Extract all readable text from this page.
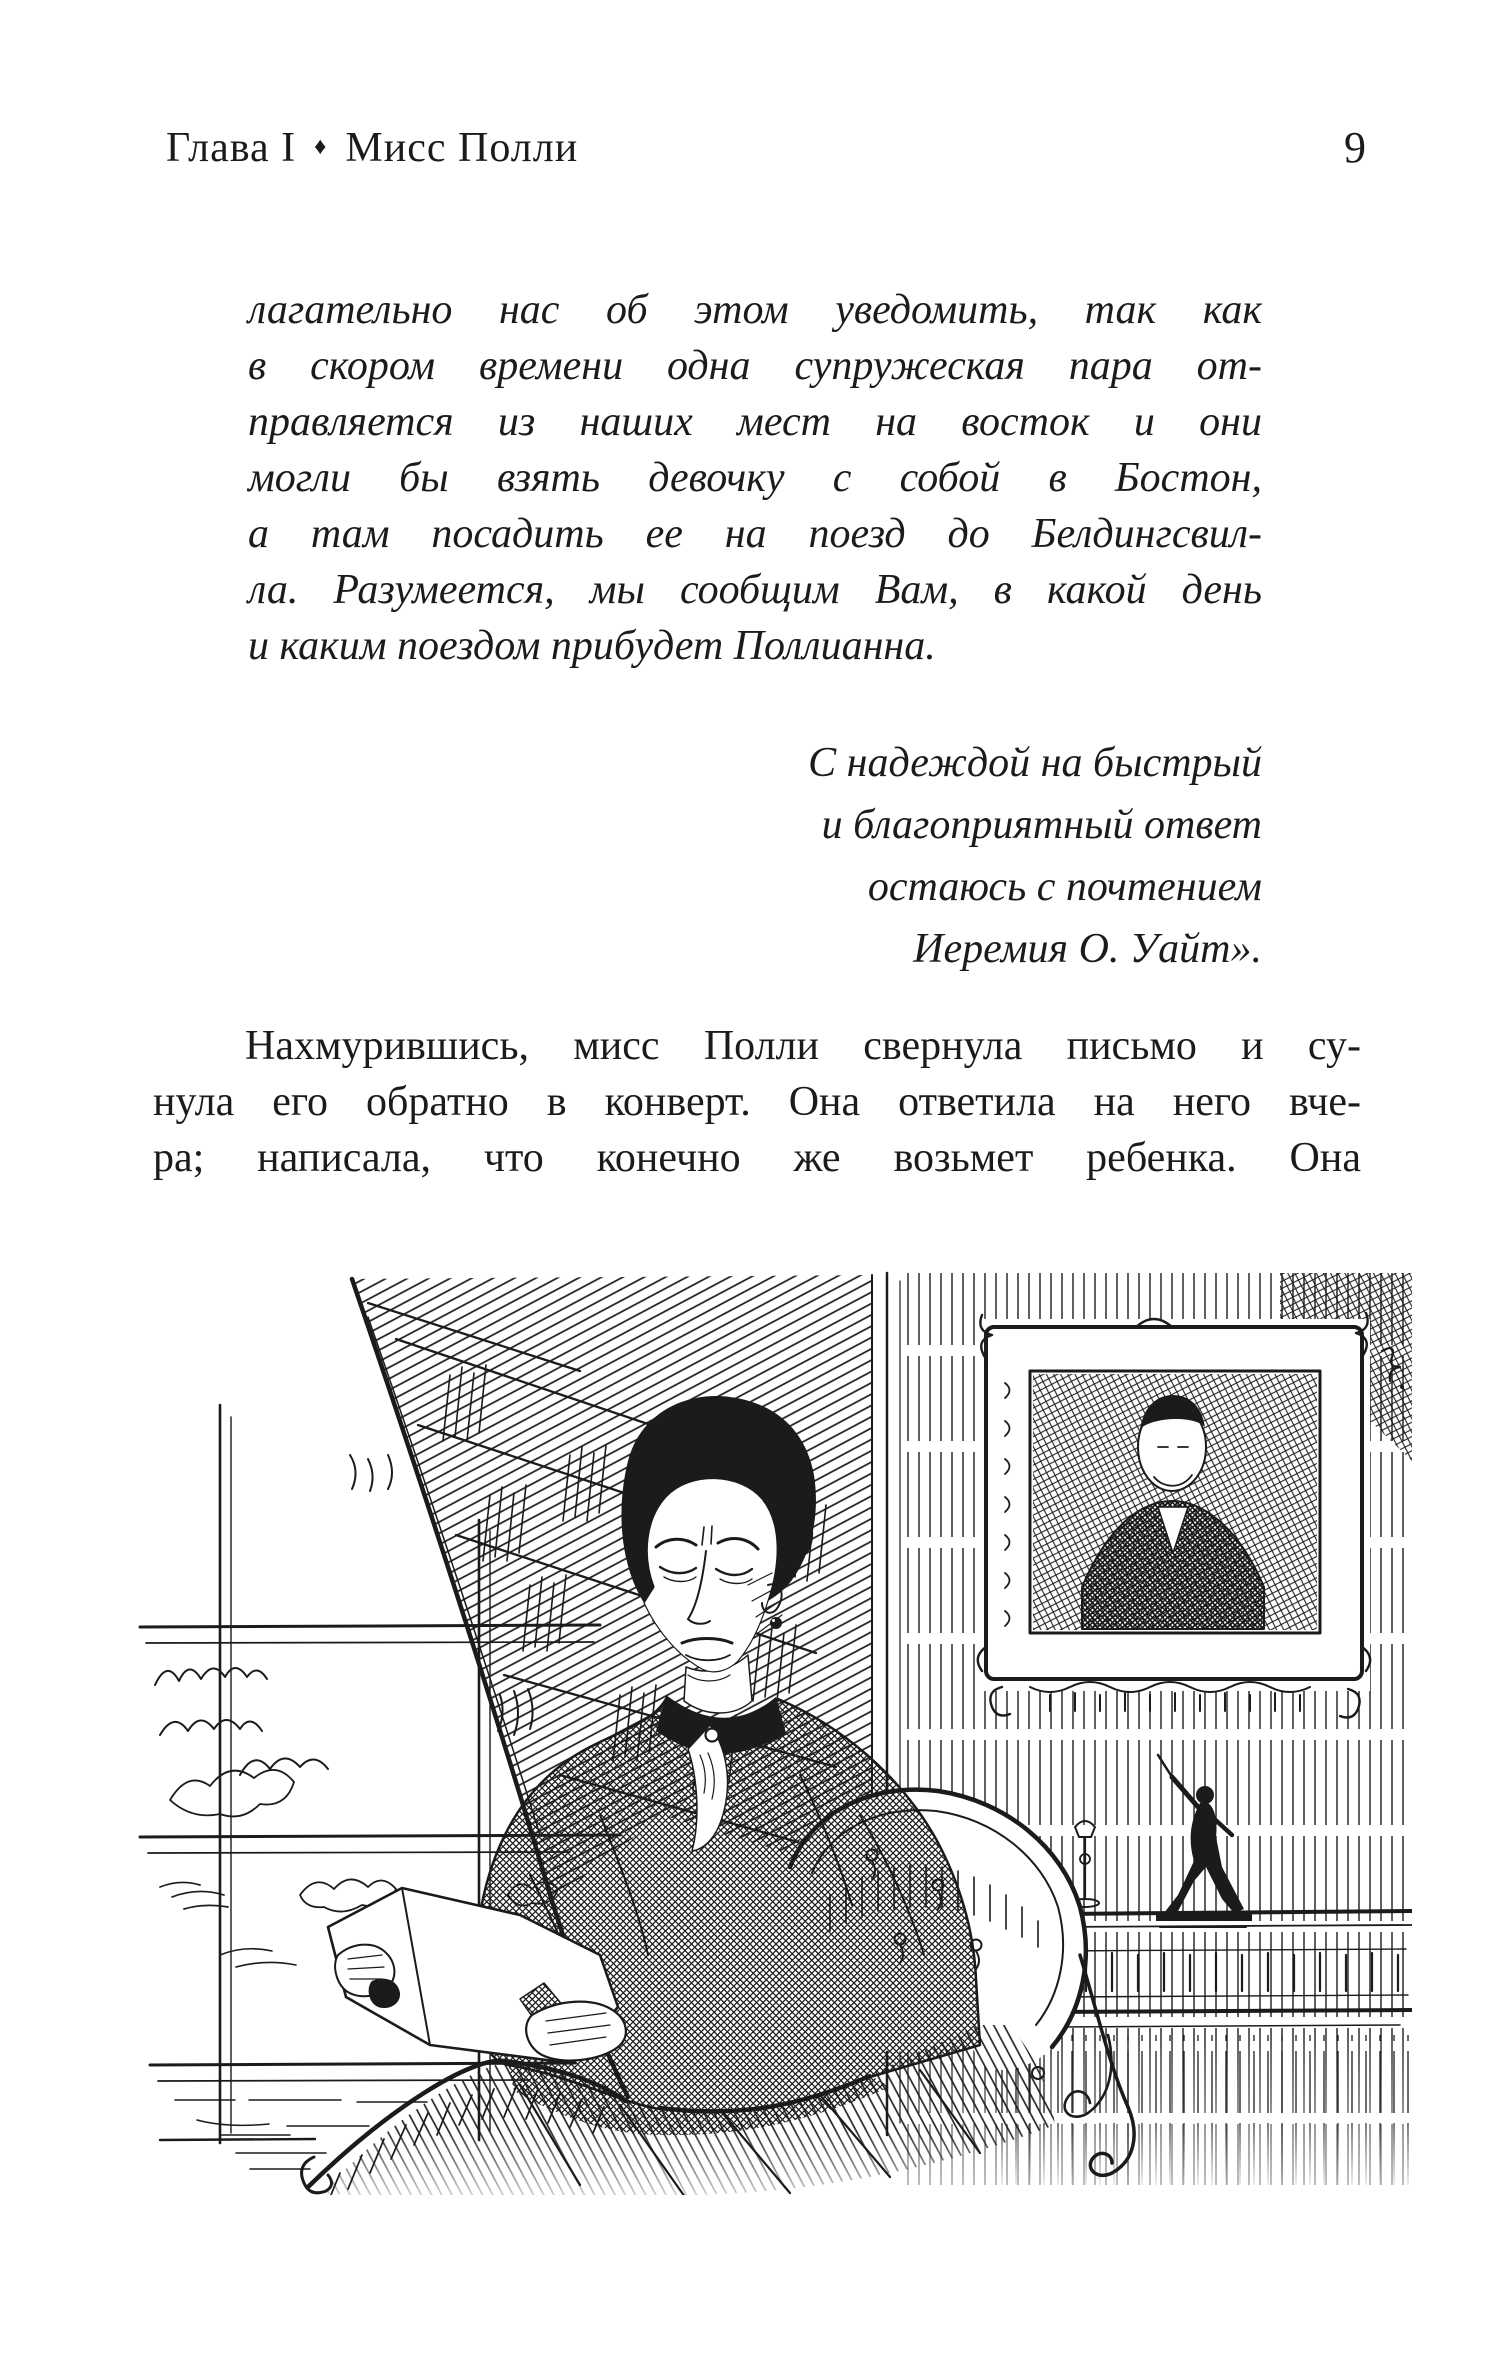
Глава I ♦ Мисс Полли	9
лагательно нас об этом уведомить, так как
в скором времени одна супружеская пара от-
правляется из наших мест на восток и они
могли бы взять девочку с собой в Бостон,
а там посадить ее на поезд до Белдингсвил-
ла. Разумеется, мы сообщим Вам, в какой день
и каким поездом прибудет Поллианна.
С надеждой на быстрый
и благоприятный ответ
остаюсь с почтением
Иеремия О. Уайт».
Нахмурившись, мисс Полли свернула письмо и су-
нула его обратно в конверт. Она ответила на него вче-
ра; написала, что конечно же возьмет ребенка. Она
